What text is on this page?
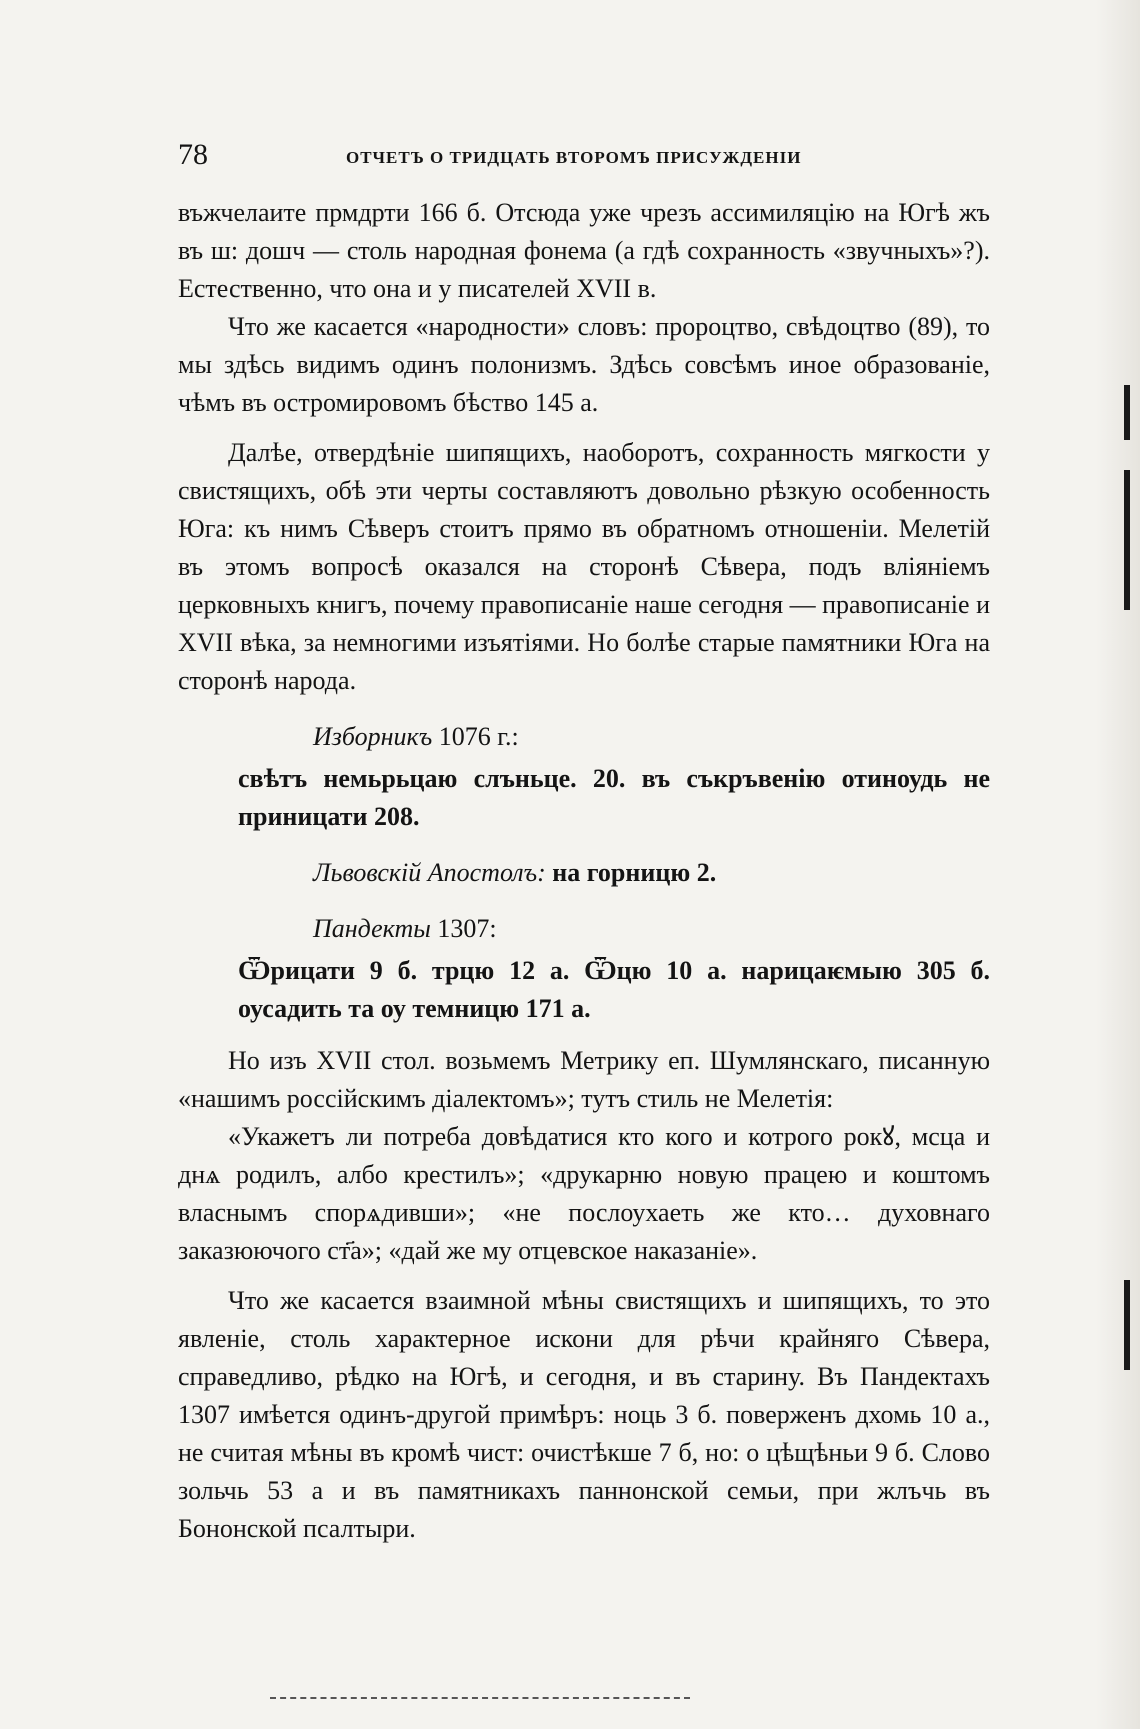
78	ОТЧЕТЪ О ТРИДЦАТЬ ВТОРОМЪ ПРИСУЖДЕНІИ

въжчелаите прмдрти 166 б. Отсюда уже чрезъ ассимиляцію на Югѣ жъ въ ш: дошч — столь народная фонема (а гдѣ сохранность «звучныхъ»?). Естественно, что она и у писателей XVII в.

Что же касается «народности» словъ: пророцтво, свѣдоцтво (89), то мы здѣсь видимъ одинъ полонизмъ. Здѣсь совсѣмъ иное образованіе, чѣмъ въ остромировомъ бѣство 145 а.

Далѣе, отвердѣніе шипящихъ, наоборотъ, сохранность мягкости у свистящихъ, обѣ эти черты составляютъ довольно рѣзкую особенность Юга: къ нимъ Сѣверъ стоитъ прямо въ обратномъ отношеніи. Мелетій въ этомъ вопросѣ оказался на сторонѣ Сѣвера, подъ вліяніемъ церковныхъ книгъ, почему правописаніе наше сегодня — правописаніе и XVII вѣка, за немногими изъятіями. Но болѣе старые памятники Юга на сторонѣ народа.

Изборникъ 1076 г.:

свѣтъ немьрьцаю слъньце. 20. въ съкръвенію отиноудь не приницати 208.

Львовскій Апостолъ: на горницю 2.

Пандекты 1307:

Ѿрицати 9 б. трцю 12 а. Ѿцю 10 а. нарицаѥмыю 305 б. оусадить та оу темницю 171 а.

Но изъ XVII стол. возьмемъ Метрику еп. Шумлянскаго, писанную «нашимъ россійскимъ діалектомъ»; тутъ стиль не Мелетія:

«Укажетъ ли потреба довѣдатися кто кого и котрого рокꙋ, мсца и днѧ родилъ, албо крестилъ»; «друкарню новую працею и коштомъ власнымъ спорѧдивши»; «не послоухаеть же кто… духовнаго заказюючого ст҃а»; «дай же му отцевское наказаніе».

Что же касается взаимной мѣны свистящихъ и шипящихъ, то это явленіе, столь характерное искони для рѣчи крайняго Сѣвера, справедливо, рѣдко на Югѣ, и сегодня, и въ старину. Въ Пандектахъ 1307 имѣется одинъ-другой примѣръ: ноць 3 б. поверженъ дхомь 10 а., не считая мѣны въ кромѣ чист: очистѣкше 7 б, но: о цѣщѣньи 9 б. Слово зольчь 53 а и въ памятникахъ паннонской семьи, при жлъчь въ Бононской псалтыри.
